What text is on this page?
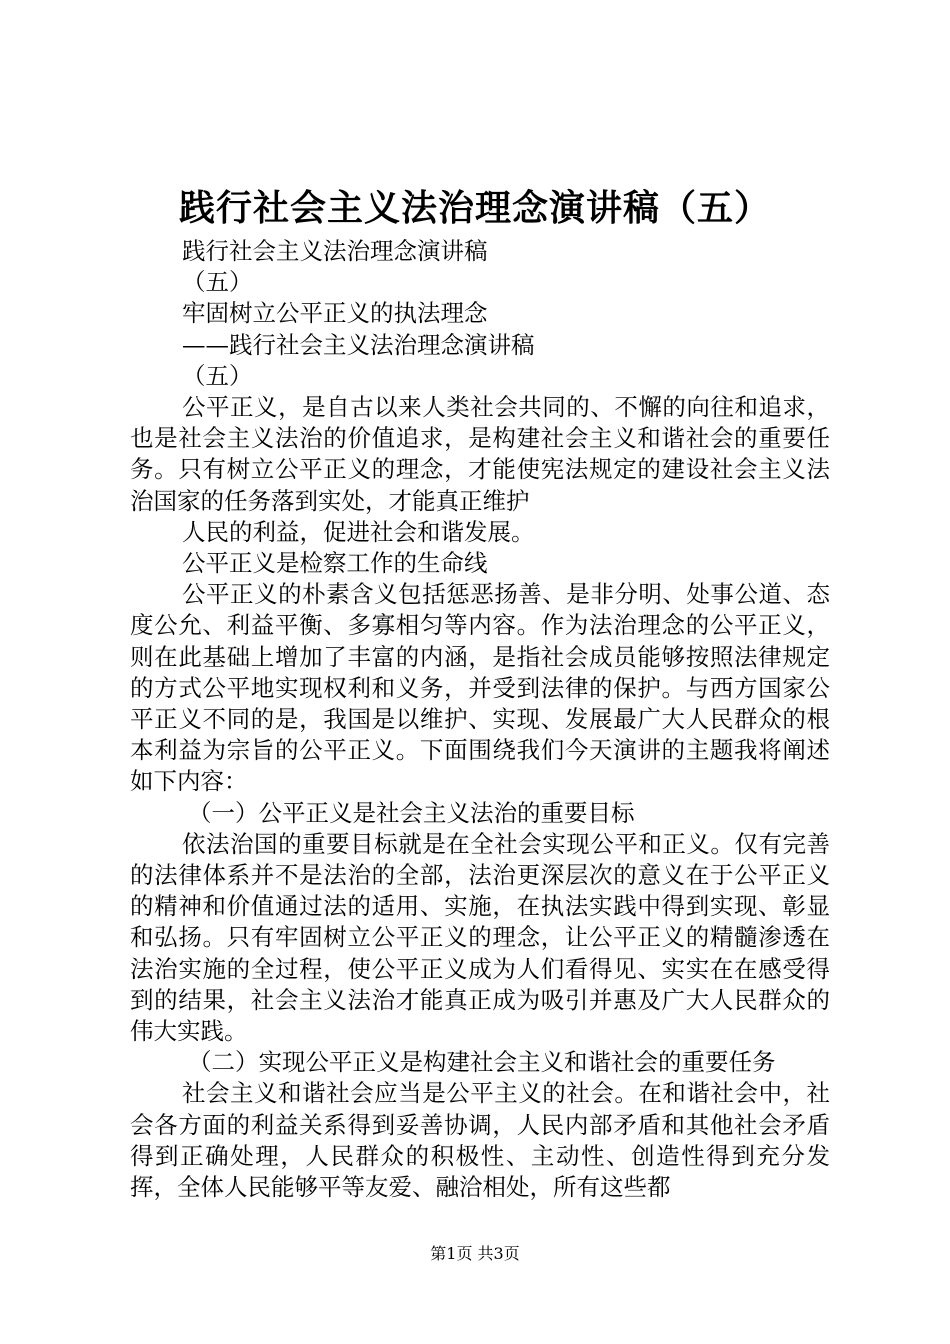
践行社会主义法治理念演讲稿（五）

践行社会主义法治理念演讲稿

（五）

牢固树立公平正义的执法理念

——践行社会主义法治理念演讲稿

（五）

公平正义，是自古以来人类社会共同的、不懈的向往和追求，也是社会主义法治的价值追求，是构建社会主义和谐社会的重要任务。只有树立公平正义的理念，才能使宪法规定的建设社会主义法治国家的任务落到实处，才能真正维护

人民的利益，促进社会和谐发展。

公平正义是检察工作的生命线

公平正义的朴素含义包括惩恶扬善、是非分明、处事公道、态度公允、利益平衡、多寡相匀等内容。作为法治理念的公平正义，则在此基础上增加了丰富的内涵，是指社会成员能够按照法律规定的方式公平地实现权利和义务，并受到法律的保护。与西方国家公平正义不同的是，我国是以维护、实现、发展最广大人民群众的根本利益为宗旨的公平正义。下面围绕我们今天演讲的主题我将阐述如下内容：

（一）公平正义是社会主义法治的重要目标

依法治国的重要目标就是在全社会实现公平和正义。仅有完善的法律体系并不是法治的全部，法治更深层次的意义在于公平正义的精神和价值通过法的适用、实施，在执法实践中得到实现、彰显和弘扬。只有牢固树立公平正义的理念，让公平正义的精髓渗透在法治实施的全过程，使公平正义成为人们看得见、实实在在感受得到的结果，社会主义法治才能真正成为吸引并惠及广大人民群众的伟大实践。

（二）实现公平正义是构建社会主义和谐社会的重要任务

社会主义和谐社会应当是公平主义的社会。在和谐社会中，社会各方面的利益关系得到妥善协调，人民内部矛盾和其他社会矛盾得到正确处理，人民群众的积极性、主动性、创造性得到充分发挥，全体人民能够平等友爱、融洽相处，所有这些都

第1页 共3页
